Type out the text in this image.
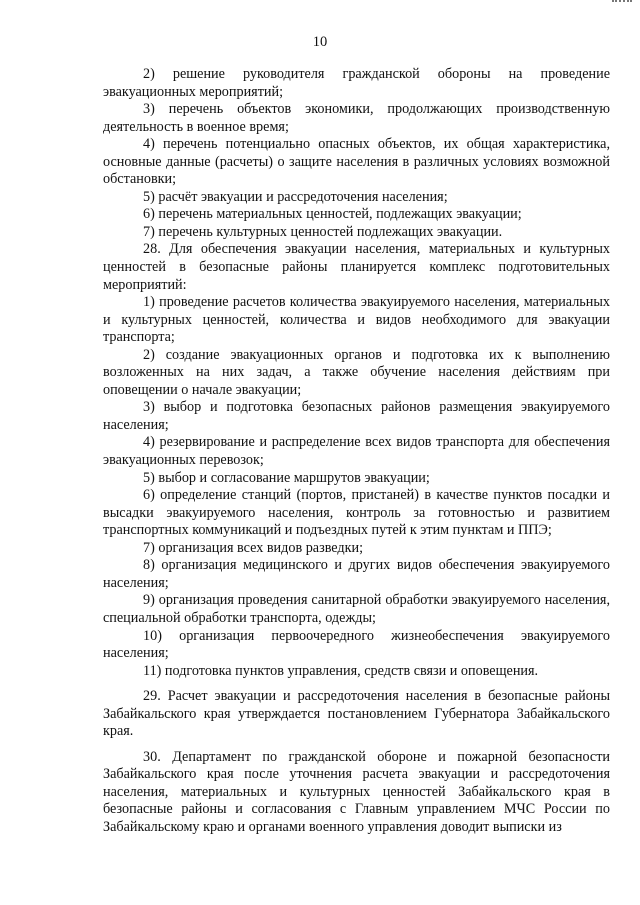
10

2) решение руководителя гражданской обороны на проведение эвакуационных мероприятий;

3) перечень объектов экономики, продолжающих производственную деятельность в военное время;

4) перечень потенциально опасных объектов, их общая характеристика, основные данные (расчеты) о защите населения в различных условиях возможной обстановки;

5) расчёт эвакуации и рассредоточения населения;

6) перечень материальных ценностей, подлежащих эвакуации;

7) перечень культурных ценностей подлежащих эвакуации.

28. Для обеспечения эвакуации населения, материальных и культурных ценностей в безопасные районы планируется комплекс подготовительных мероприятий:

1) проведение расчетов количества эвакуируемого населения, материальных и культурных ценностей, количества и видов необходимого для эвакуации транспорта;

2) создание эвакуационных органов и подготовка их к выполнению возложенных на них задач, а также обучение населения действиям при оповещении о начале эвакуации;

3) выбор и подготовка безопасных районов размещения эвакуируемого населения;

4) резервирование и распределение всех видов транспорта для обеспечения эвакуационных перевозок;

5) выбор и согласование маршрутов эвакуации;

6) определение станций (портов, пристаней) в качестве пунктов посадки и высадки эвакуируемого населения, контроль за готовностью и развитием транспортных коммуникаций и подъездных путей к этим пунктам и ППЭ;

7) организация всех видов разведки;

8) организация медицинского и других видов обеспечения эвакуируемого населения;

9) организация проведения санитарной обработки эвакуируемого населения, специальной обработки транспорта, одежды;

10) организация первоочередного жизнеобеспечения эвакуируемого населения;

11) подготовка пунктов управления, средств связи и оповещения.

29. Расчет эвакуации и рассредоточения населения в безопасные районы Забайкальского края утверждается постановлением Губернатора Забайкальского края.

30. Департамент по гражданской обороне и пожарной безопасности Забайкальского края после уточнения расчета эвакуации и рассредоточения населения, материальных и культурных ценностей Забайкальского края в безопасные районы и согласования с Главным управлением МЧС России по Забайкальскому краю и органами военного управления доводит выписки из
